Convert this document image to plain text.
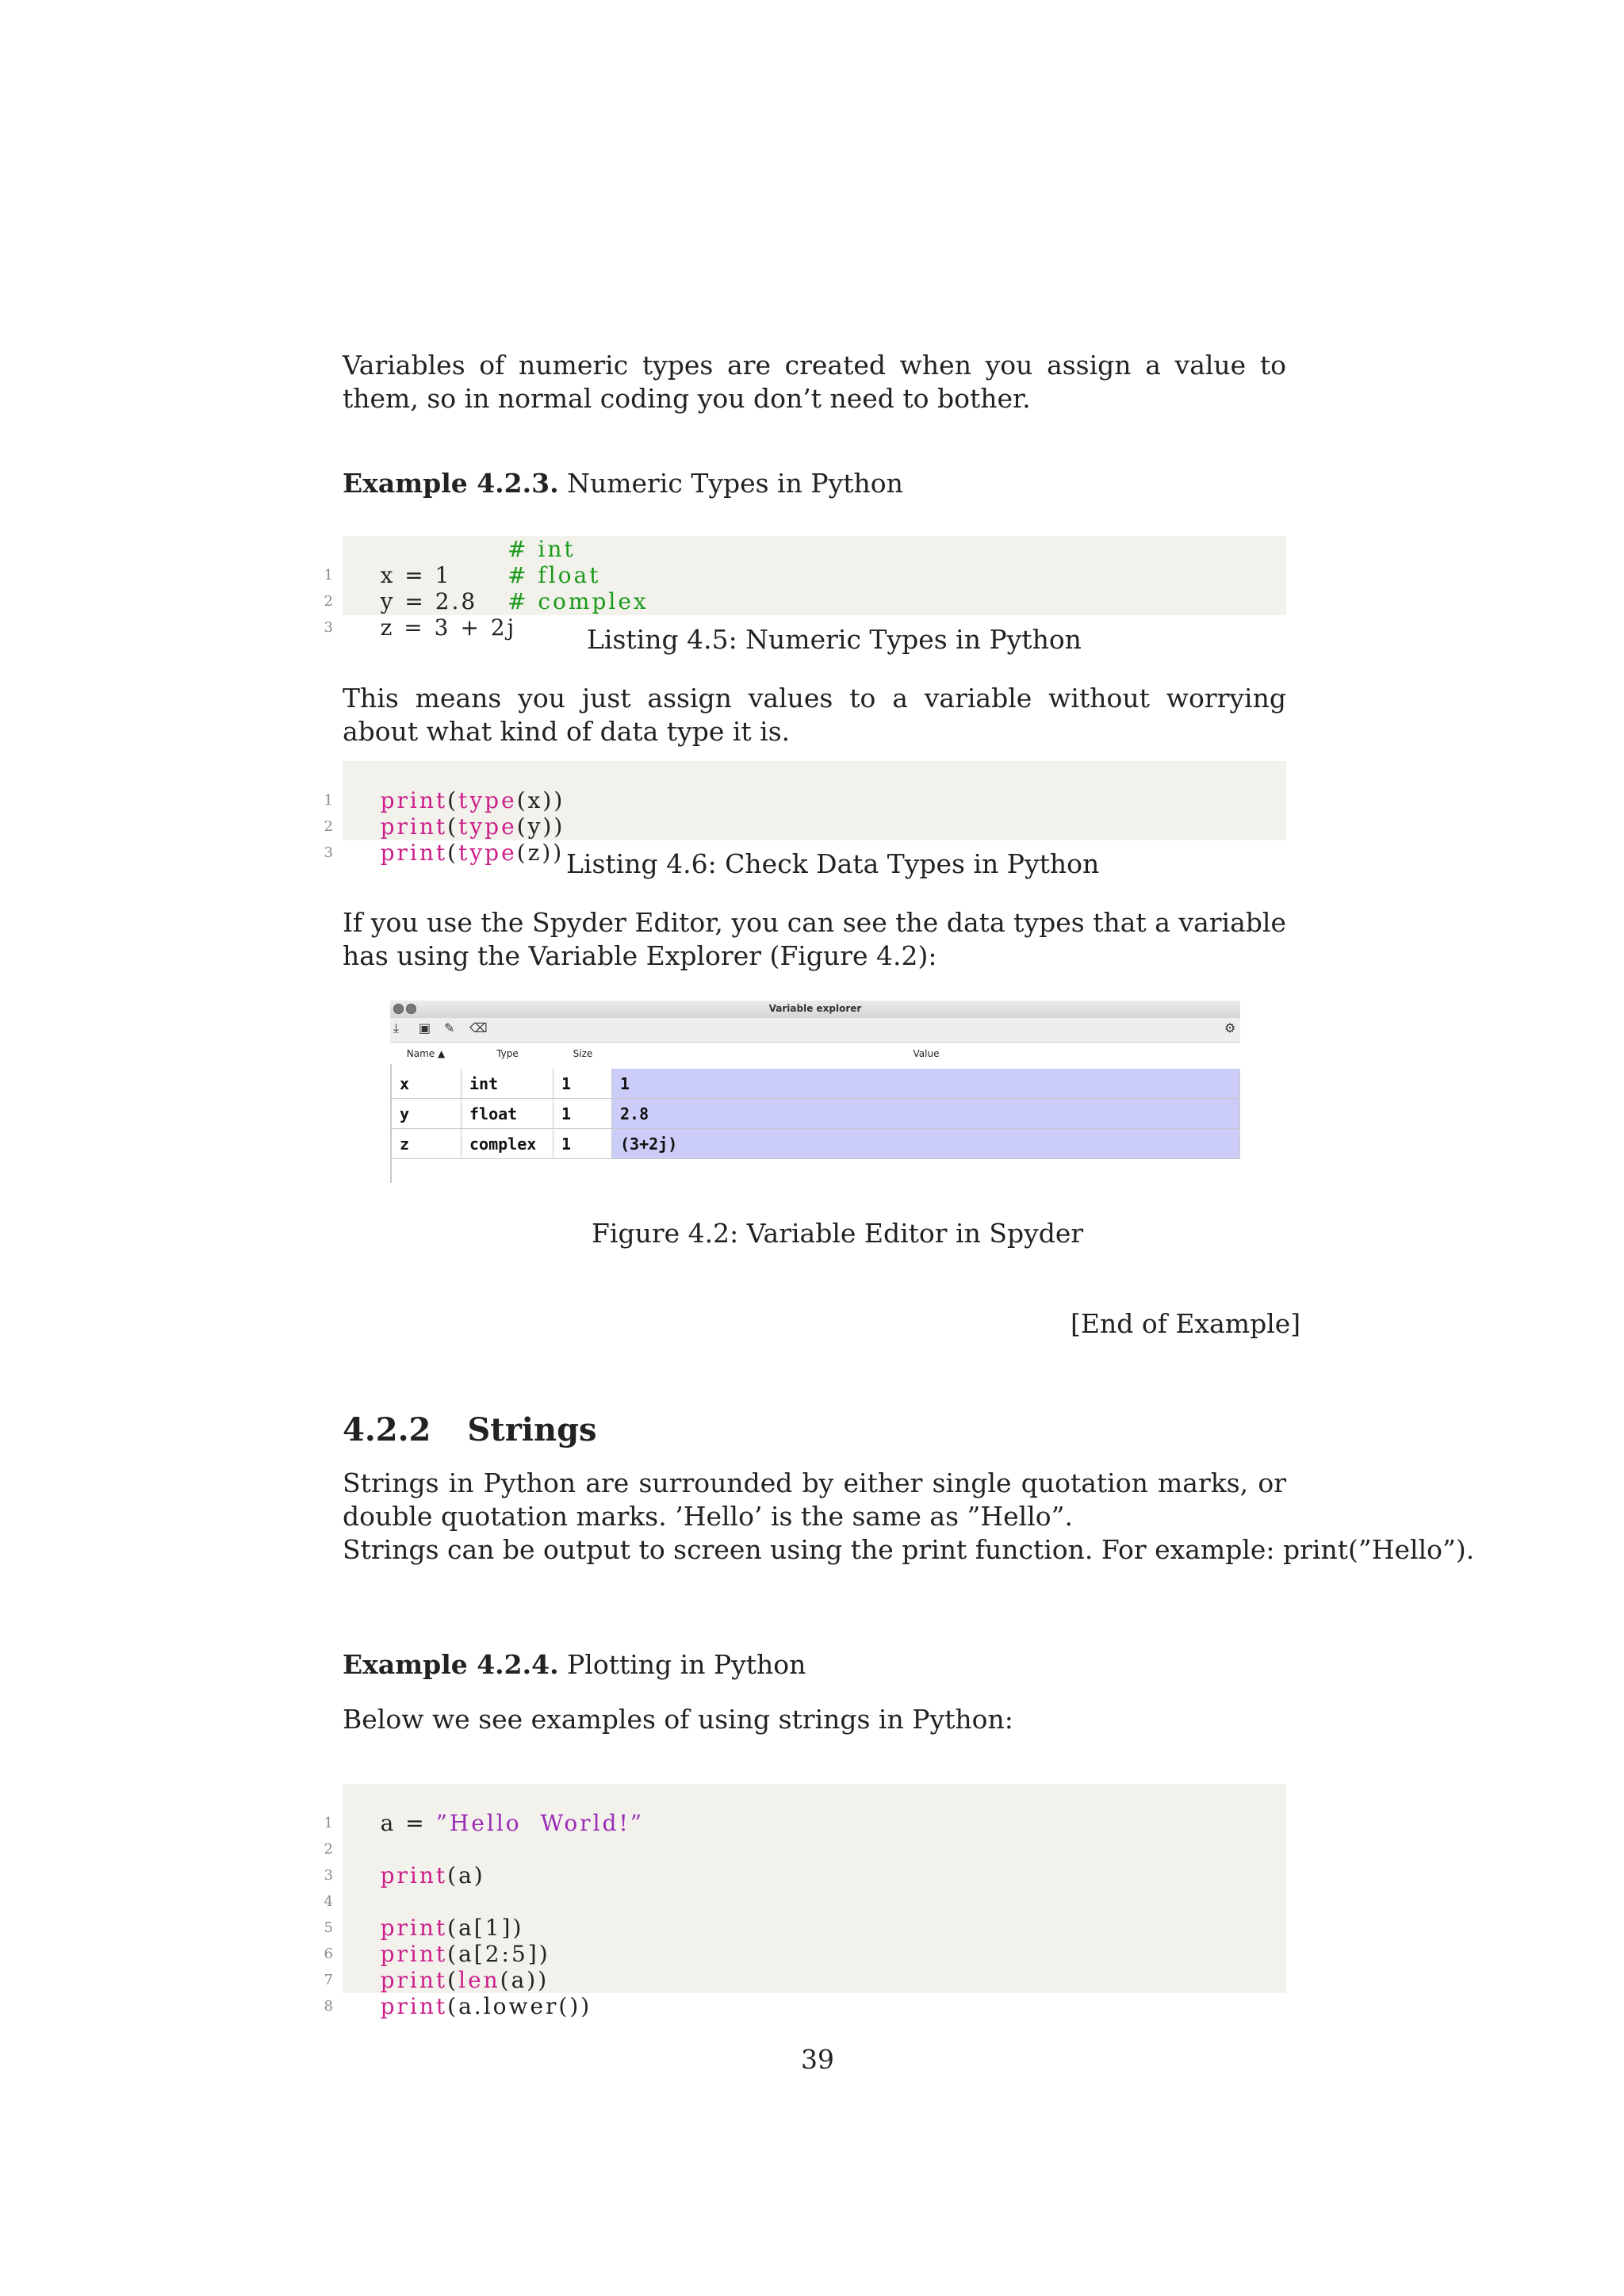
Variables of numeric types are created when you assign a value to them, so in normal coding you don’t need to bother.
Example 4.2.3. Numeric Types in Python

1 x = 1

# int

2 y = 2.8

# float

3 z = 3 + 2j

# complex
Listing 4.5: Numeric Types in Python
This means you just assign values to a variable without worrying about what kind of data type it is.

1 print(type(x))

2 print(type(y))

3 print(type(z))
Listing 4.6: Check Data Types in Python
If you use the Spyder Editor, you can see the data types that a variable has using the Variable Explorer (Figure 4.2):
Variable explorer
⤓ ▣ ✎ ⌫	⚙
Name ▲	Type	Size	Value
x	int	1	1
y	float	1	2.8
z	complex	1	(3+2j)
Figure 4.2: Variable Editor in Spyder
[End of Example]
4.2.2 Strings
Strings in Python are surrounded by either single quotation marks, or double quotation marks. ’Hello’ is the same as ”Hello”.
Strings can be output to screen using the print function. For example: print(”Hello”).
Example 4.2.4. Plotting in Python
Below we see examples of using strings in Python:

1 a = ”Hello  World!”

2

3 print(a)

4

5 print(a[1])

6 print(a[2:5])

7 print(len(a))

8 print(a.lower())

39
